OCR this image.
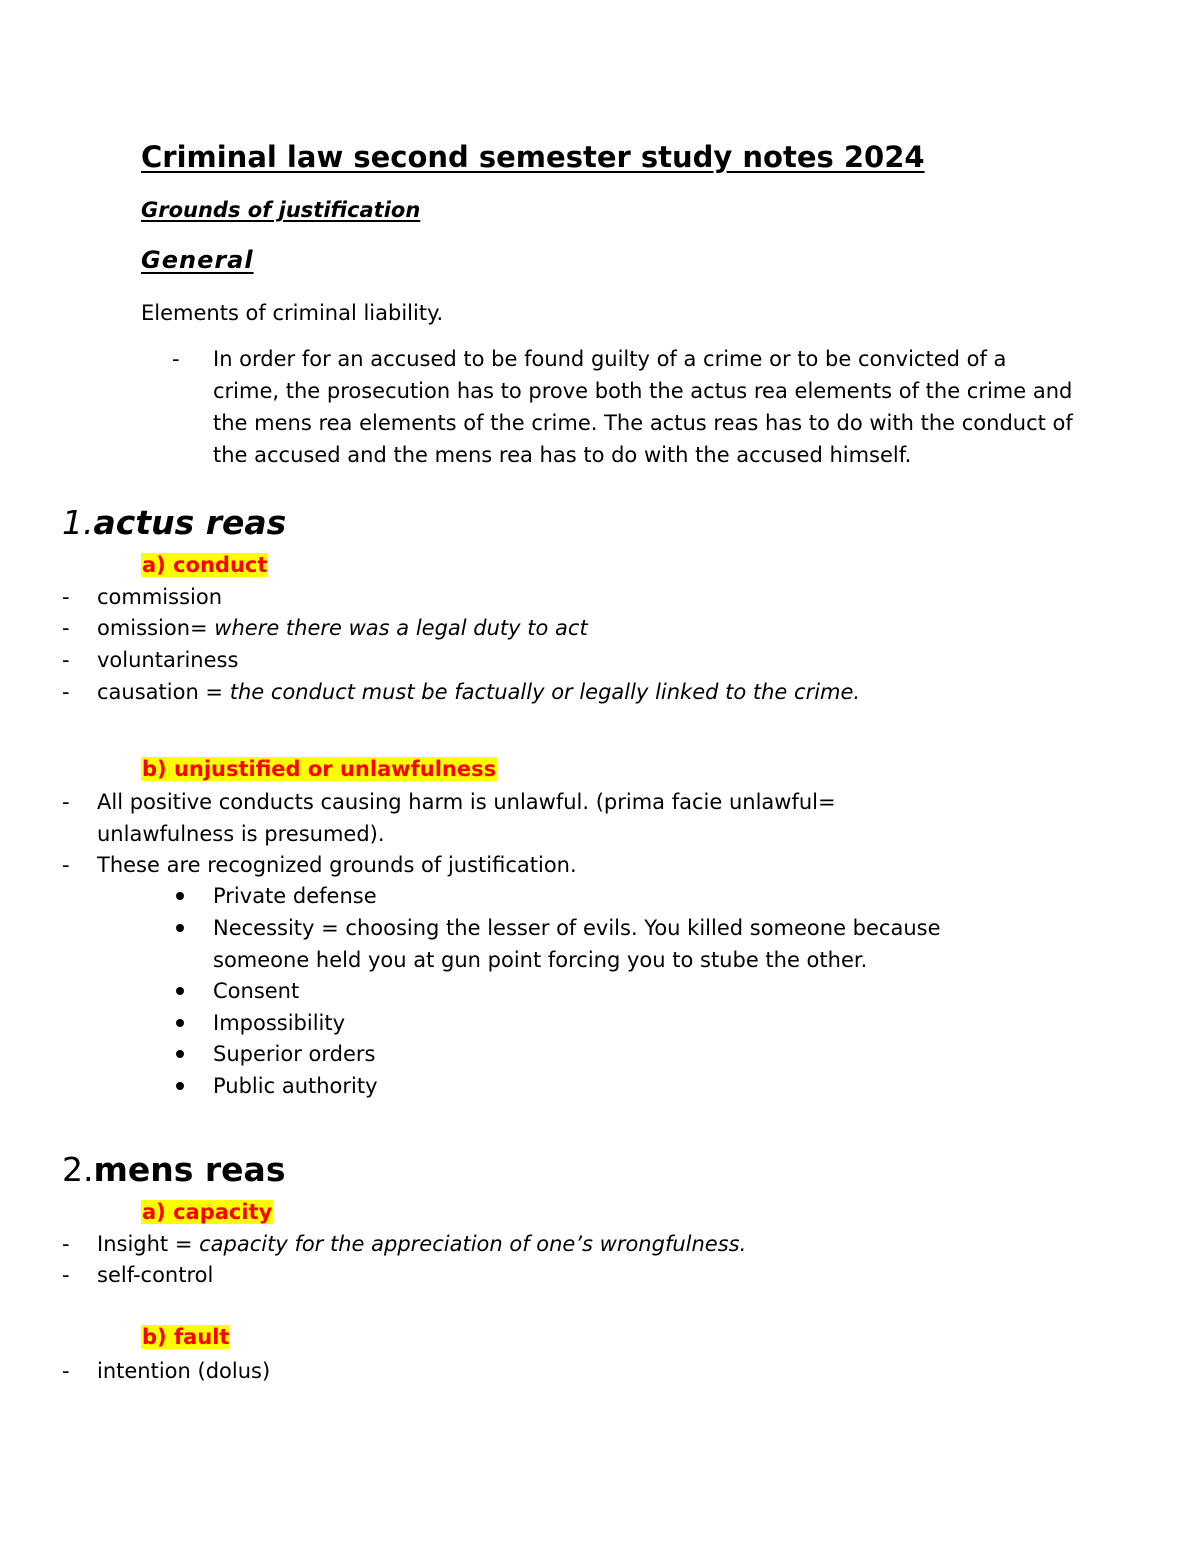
Criminal law second semester study notes 2024
Grounds of justification
General
Elements of criminal liability.
- In order for an accused to be found guilty of a crime or to be convicted of a crime, the prosecution has to prove both the actus rea elements of the crime and the mens rea elements of the crime. The actus reas has to do with the conduct of the accused and the mens rea has to do with the accused himself.
1.actus reas
a) conduct
- commission
- omission= where there was a legal duty to act
- voluntariness
- causation = the conduct must be factually or legally linked to the crime.
b) unjustified or unlawfulness
- All positive conducts causing harm is unlawful. (prima facie unlawful=
unlawfulness is presumed).
- These are recognized grounds of justification.
Private defense
Necessity = choosing the lesser of evils. You killed someone because
someone held you at gun point forcing you to stube the other.
Consent
Impossibility
Superior orders
Public authority
2.mens reas
a) capacity
- Insight = capacity for the appreciation of one’s wrongfulness.
- self-control
b) fault
- intention (dolus)
